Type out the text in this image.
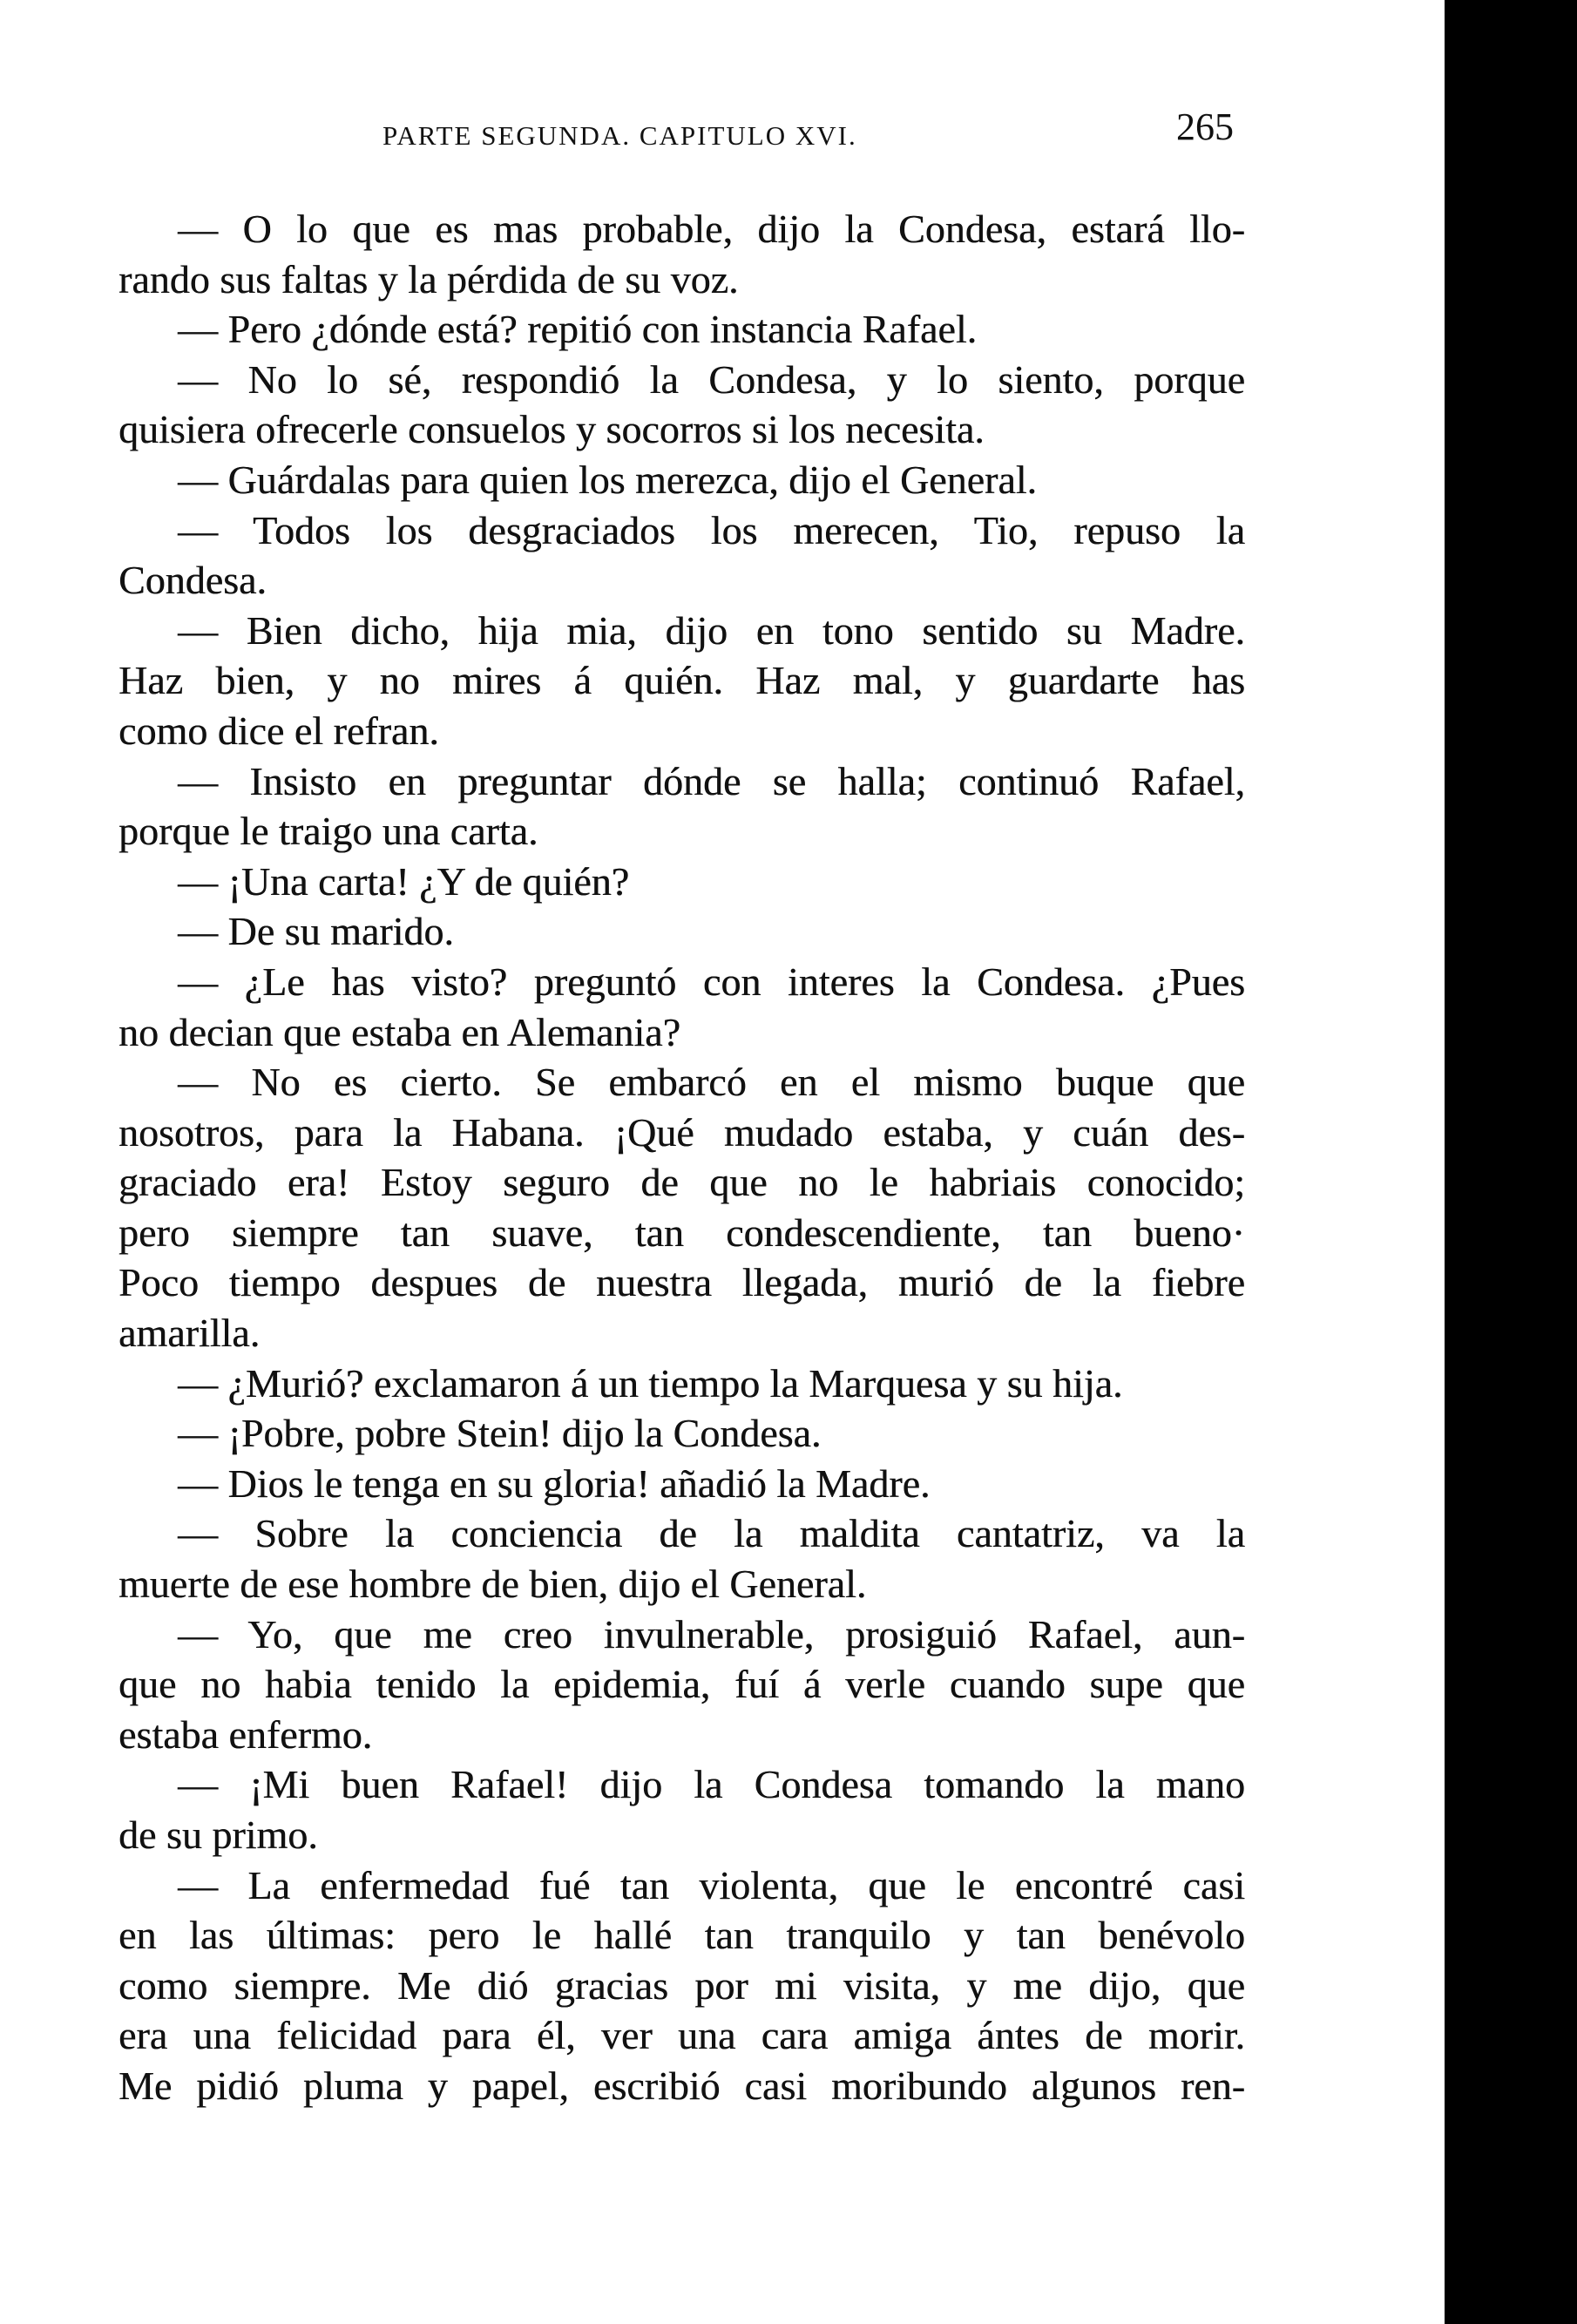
PARTE SEGUNDA. CAPITULO XVI.	265
— O lo que es mas probable, dijo la Condesa, estará llo-
rando sus faltas y la pérdida de su voz.
— Pero ¿dónde está? repitió con instancia Rafael.
— No lo sé, respondió la Condesa, y lo siento, porque
quisiera ofrecerle consuelos y socorros si los necesita.
— Guárdalas para quien los merezca, dijo el General.
— Todos los desgraciados los merecen, Tio, repuso la
Condesa.
— Bien dicho, hija mia, dijo en tono sentido su Madre.
Haz bien, y no mires á quién. Haz mal, y guardarte has
como dice el refran.
— Insisto en preguntar dónde se halla; continuó Rafael,
porque le traigo una carta.
— ¡Una carta! ¿Y de quién?
— De su marido.
— ¿Le has visto? preguntó con interes la Condesa. ¿Pues
no decian que estaba en Alemania?
— No es cierto. Se embarcó en el mismo buque que
nosotros, para la Habana. ¡Qué mudado estaba, y cuán des-
graciado era! Estoy seguro de que no le habriais conocido;
pero siempre tan suave, tan condescendiente, tan bueno·
Poco tiempo despues de nuestra llegada, murió de la fiebre
amarilla.
— ¿Murió? exclamaron á un tiempo la Marquesa y su hija.
— ¡Pobre, pobre Stein! dijo la Condesa.
— Dios le tenga en su gloria! añadió la Madre.
— Sobre la conciencia de la maldita cantatriz, va la
muerte de ese hombre de bien, dijo el General.
— Yo, que me creo invulnerable, prosiguió Rafael, aun-
que no habia tenido la epidemia, fuí á verle cuando supe que
estaba enfermo.
— ¡Mi buen Rafael! dijo la Condesa tomando la mano
de su primo.
— La enfermedad fué tan violenta, que le encontré casi
en las últimas: pero le hallé tan tranquilo y tan benévolo
como siempre. Me dió gracias por mi visita, y me dijo, que
era una felicidad para él, ver una cara amiga ántes de morir.
Me pidió pluma y papel, escribió casi moribundo algunos ren-
